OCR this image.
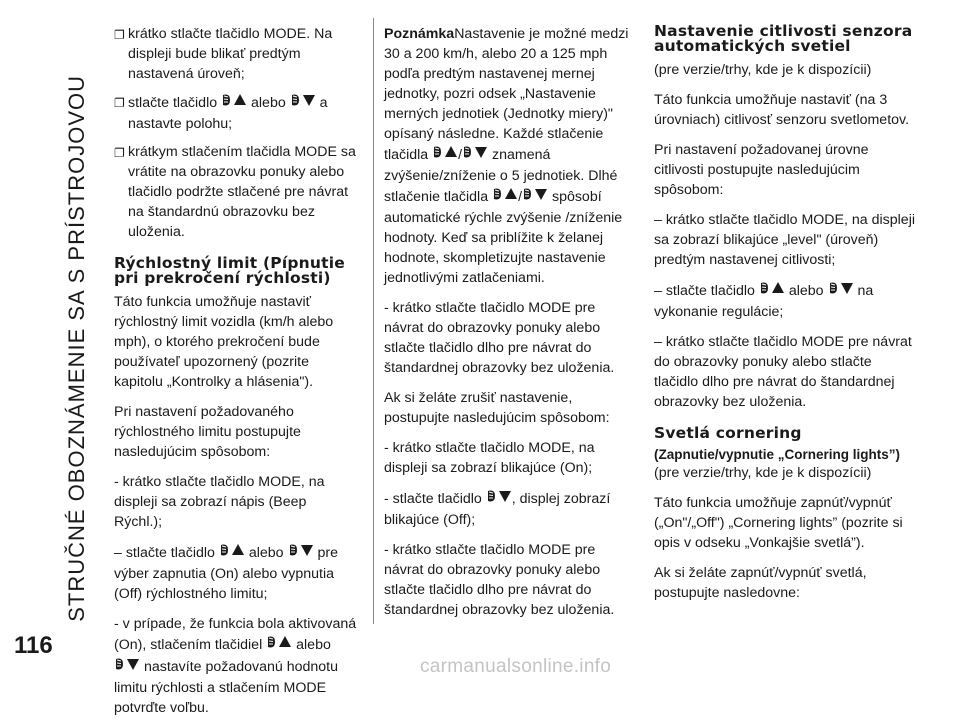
STRUČNÉ OBOZNÁMENIE SA S PRÍSTROJOVOU
116
❐ krátko stlačte tlačidlo MODE. Na displeji bude blikať predtým nastavená úroveň;
❐ stlačte tlačidlo  alebo a nastavte polohu;
❐ krátkym stlačením tlačidla MODE sa vrátite na obrazovku ponuky alebo tlačidlo podržte stlačené pre návrat na štandardnú obrazovku bez uloženia.
Rýchlostný limit (Pípnutie pri prekročení rýchlosti)

Táto funkcia umožňuje nastaviť rýchlostný limit vozidla (km/h alebo mph), o ktorého prekročení bude používateľ upozornený (pozrite kapitolu „Kontrolky a hlásenia").

Pri nastavení požadovaného rýchlostného limitu postupujte nasledujúcim spôsobom:

- krátko stlačte tlačidlo MODE, na displeji sa zobrazí nápis (Beep Rýchl.);

– stlačte tlačidlo alebo pre výber zapnutia (On) alebo vypnutia (Off) rýchlostného limitu;

- v prípade, že funkcia bola aktivovaná (On), stlačením tlačidiel alebo  nastavíte požadovanú hodnotu limitu rýchlosti a stlačením MODE potvrďte voľbu.

PoznámkaNastavenie je možné medzi 30 a 200 km/h, alebo 20 a 125 mph podľa predtým nastavenej mernej jednotky, pozri odsek „Nastavenie merných jednotiek (Jednotky miery)" opísaný následne. Každé stlačenie tlačidla / znamená zvýšenie/zníženie o 5 jednotiek. Dlhé stlačenie tlačidla / spôsobí automatické rýchle zvýšenie /zníženie hodnoty. Keď sa priblížite k želanej hodnote, skompletizujte nastavenie jednotlivými zatlačeniami.

- krátko stlačte tlačidlo MODE pre návrat do obrazovky ponuky alebo stlačte tlačidlo dlho pre návrat do štandardnej obrazovky bez uloženia.

Ak si želáte zrušiť nastavenie, postupujte nasledujúcim spôsobom:

- krátko stlačte tlačidlo MODE, na displeji sa zobrazí blikajúce (On);

- stlačte tlačidlo , displej zobrazí blikajúce (Off);

- krátko stlačte tlačidlo MODE pre návrat do obrazovky ponuky alebo stlačte tlačidlo dlho pre návrat do štandardnej obrazovky bez uloženia.

Nastavenie citlivosti senzora automatických svetiel

(pre verzie/trhy, kde je k dispozícii)

Táto funkcia umožňuje nastaviť (na 3 úrovniach) citlivosť senzoru svetlometov.

Pri nastavení požadovanej úrovne citlivosti postupujte nasledujúcim spôsobom:

– krátko stlačte tlačidlo MODE, na displeji sa zobrazí blikajúce „level" (úroveň) predtým nastavenej citlivosti;

– stlačte tlačidlo alebo na vykonanie regulácie;

– krátko stlačte tlačidlo MODE pre návrat do obrazovky ponuky alebo stlačte tlačidlo dlho pre návrat do štandardnej obrazovky bez uloženia.

Svetlá cornering
(Zapnutie/vypnutie „Cornering lights”)

(pre verzie/trhy, kde je k dispozícii)

Táto funkcia umožňuje zapnúť/vypnúť („On"/„Off") „Cornering lights” (pozrite si opis v odseku „Vonkajšie svetlá”).

Ak si želáte zapnúť/vypnúť svetlá, postupujte nasledovne:

carmanualsonline.info
